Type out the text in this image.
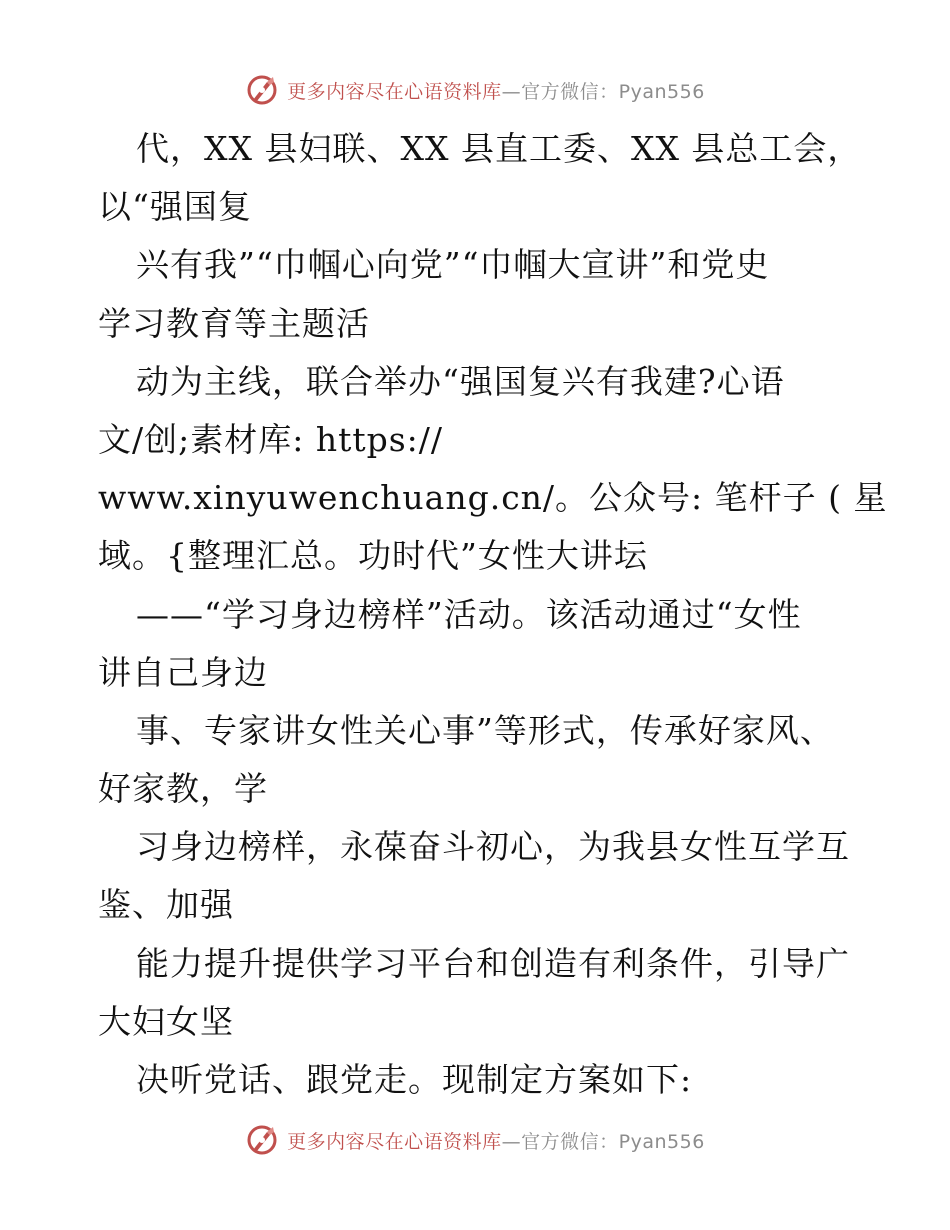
更多内容尽在心语资料库—官方微信：Pyan556
代，XX 县妇联、XX 县直工委、XX 县总工会，
以“强国复
兴有我”“巾帼心向党”“巾帼大宣讲”和党史
学习教育等主题活
动为主线，联合举办“强国复兴有我建?心语
文/创;素材库: https://
www.xinyuwenchuang.cn/。公众号: 笔杆子 ( 星
域。{整理汇总。功时代”女性大讲坛
——“学习身边榜样”活动。该活动通过“女性
讲自己身边
事、专家讲女性关心事”等形式，传承好家风、
好家教，学
习身边榜样，永葆奋斗初心，为我县女性互学互
鉴、加强
能力提升提供学习平台和创造有利条件，引导广
大妇女坚
决听党话、跟党走。现制定方案如下:
更多内容尽在心语资料库—官方微信：Pyan556
